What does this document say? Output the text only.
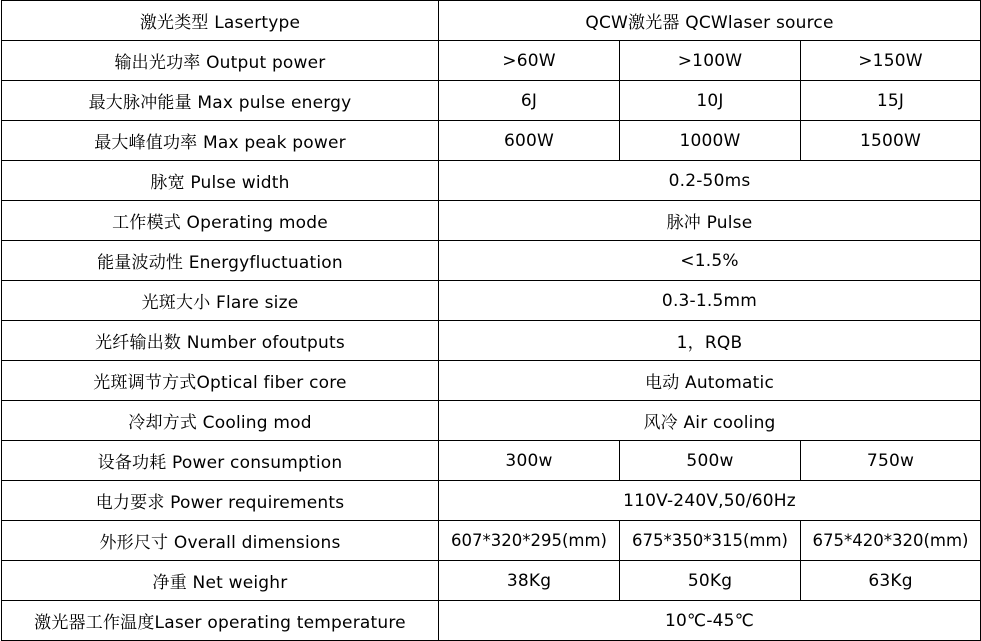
激光类型 Lasertype	QCW激光器 QCWlaser source		
输出光功率 Output power	>60W	>100W	>150W
最大脉冲能量 Max pulse energy	6J	10J	15J
最大峰值功率 Max peak power	600W	1000W	1500W
脉宽 Pulse width	0.2-50ms		
工作模式 Operating mode	脉冲 Pulse		
能量波动性 Energyfluctuation	<1.5%		
光斑大小 Flare size	0.3-1.5mm		
光纤输出数 Number ofoutputs	1，RQB		
光斑调节方式Optical fiber core	电动 Automatic		
冷却方式 Cooling mod	风冷 Air cooling		
设备功耗 Power consumption	300w	500w	750w
电力要求 Power requirements	110V-240V,50/60Hz		
外形尺寸 Overall dimensions	607*320*295(mm)	675*350*315(mm)	675*420*320(mm)
净重 Net weighr	38Kg	50Kg	63Kg
激光器工作温度Laser operating temperature	10℃-45℃		
